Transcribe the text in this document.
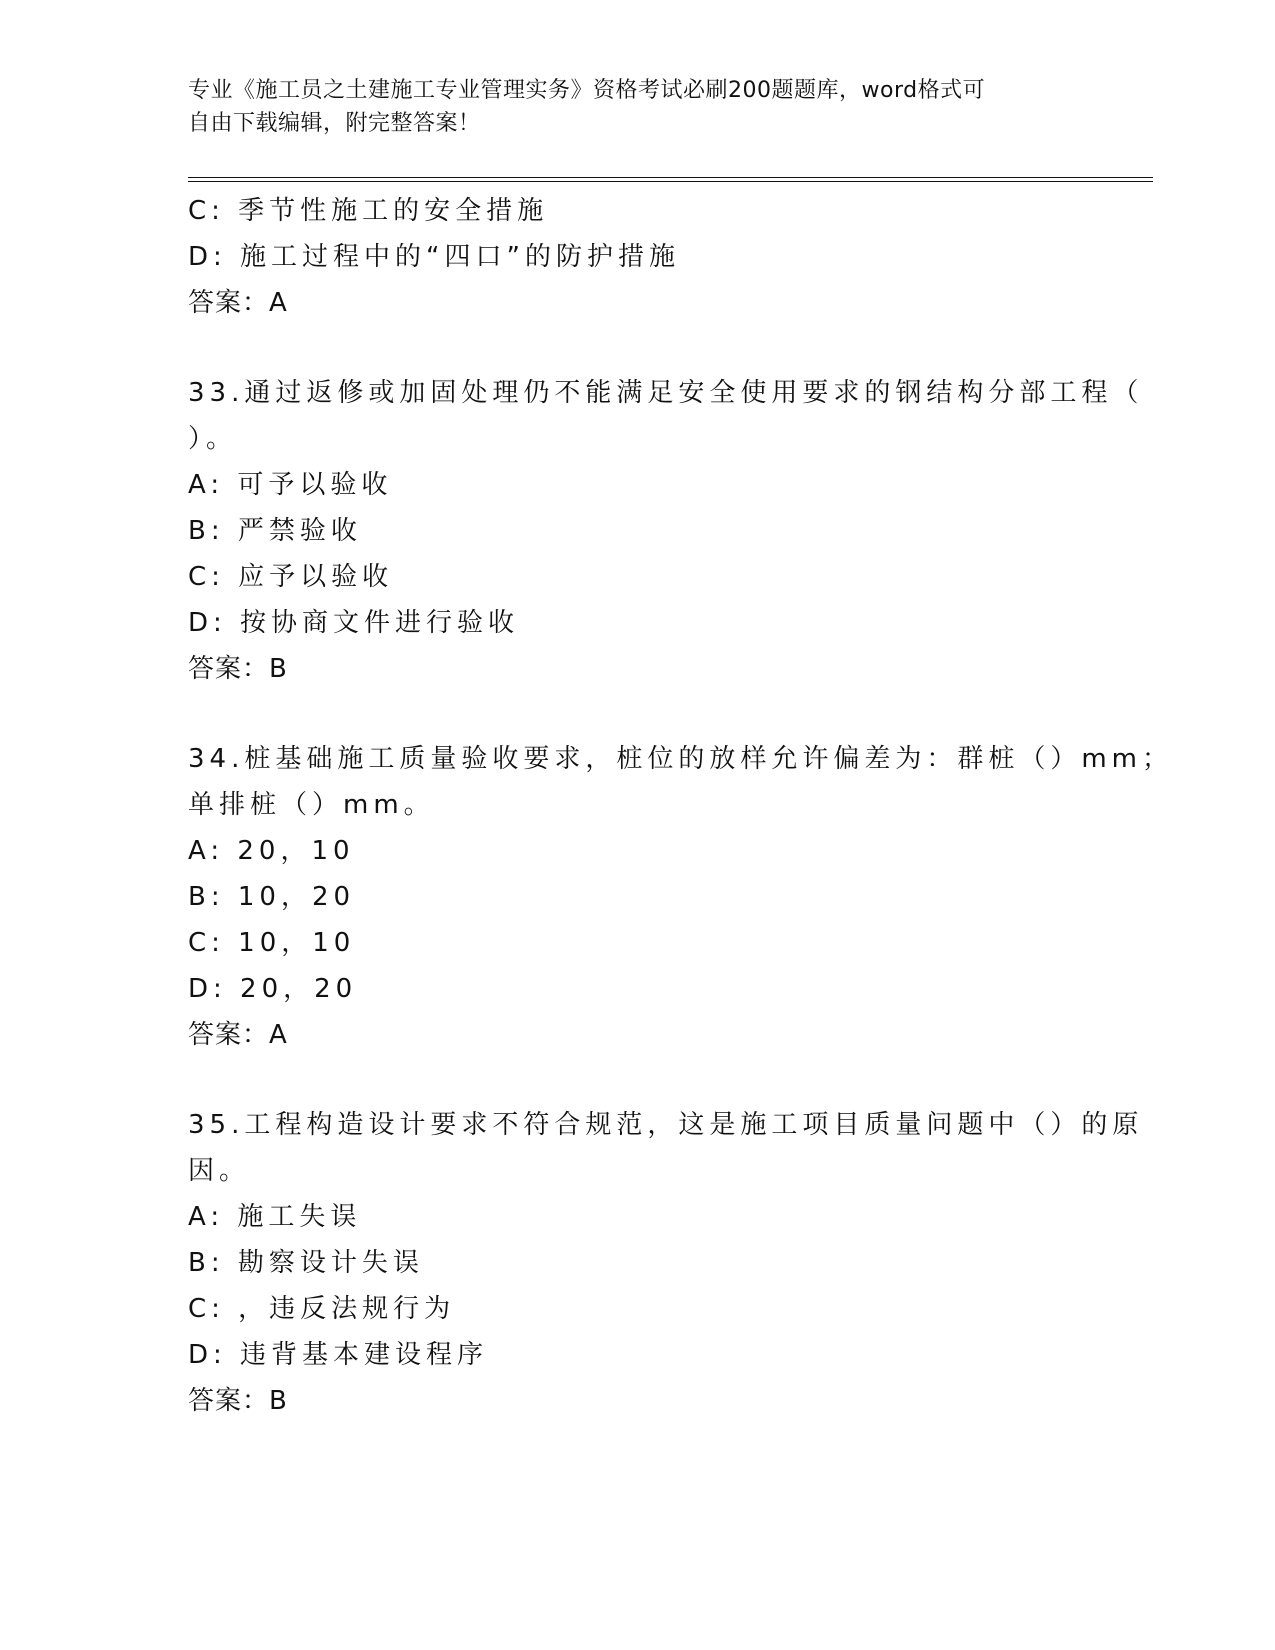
专业《施工员之土建施工专业管理实务》资格考试必刷200题题库，word格式可
自由下载编辑，附完整答案！
C: 季节性施工的安全措施
D: 施工过程中的“四口”的防护措施
答案：A
33.通过返修或加固处理仍不能满足安全使用要求的钢结构分部工程（
）。
A: 可予以验收
B: 严禁验收
C: 应予以验收
D: 按协商文件进行验收
答案：B
34.桩基础施工质量验收要求，桩位的放样允许偏差为：群桩（）mm；
单排桩（）mm。
A: 20，10
B: 10，20
C: 10，10
D: 20，20
答案：A
35.工程构造设计要求不符合规范，这是施工项目质量问题中（）的原
因。
A: 施工失误
B: 勘察设计失误
C: ，违反法规行为
D: 违背基本建设程序
答案：B
